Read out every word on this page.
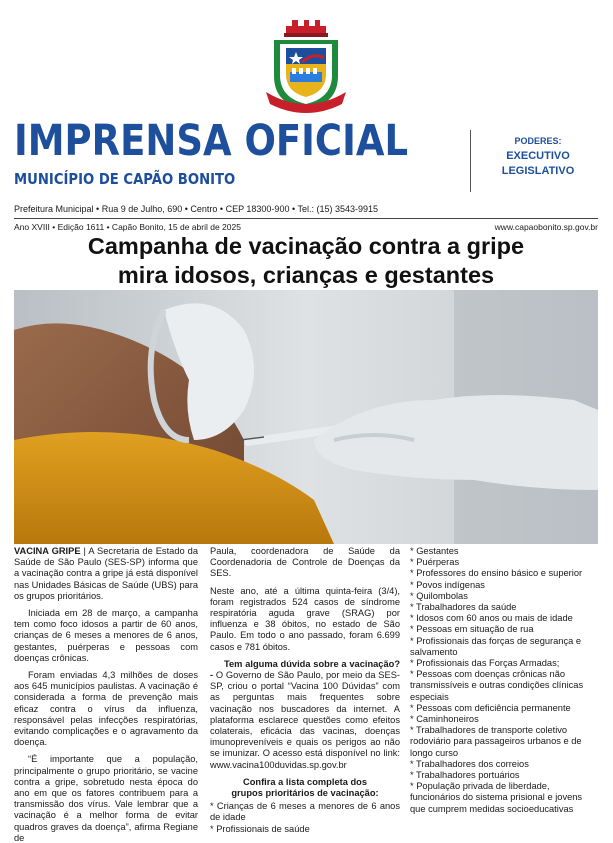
IMPRENSA OFICIAL
MUNICÍPIO DE CAPÃO BONITO
PODERES:
EXECUTIVO
LEGISLATIVO
Prefeitura Municipal • Rua 9 de Julho, 690 • Centro • CEP 18300-900 • Tel.: (15) 3543-9915
Ano XVIII • Edição 1611 • Capão Bonito, 15 de abril de 2025	www.capaobonito.sp.gov.br
Campanha de vacinação contra a gripe
mira idosos, crianças e gestantes

VACINA GRIPE | A Secretaria de Estado da Saúde de São Paulo (SES-SP) informa que a vacinação contra a gripe já está disponível nas Unidades Básicas de Saúde (UBS) para os grupos prioritários.

Iniciada em 28 de março, a campanha tem como foco idosos a partir de 60 anos, crianças de 6 meses a menores de 6 anos, gestantes, puérperas e pessoas com doenças crônicas.

Foram enviadas 4,3 milhões de doses aos 645 municípios paulistas. A vacinação é considerada a forma de prevenção mais eficaz contra o vírus da influenza, responsável pelas infecções respiratórias, evitando complicações e o agravamento da doença.

“É importante que a população, principalmente o grupo prioritário, se vacine contra a gripe, sobretudo nesta época do ano em que os fatores contribuem para a transmissão dos vírus. Vale lembrar que a vacinação é a melhor forma de evitar quadros graves da doença”, afirma Regiane de

Paula, coordenadora de Saúde da Coordenadoria de Controle de Doenças da SES.

Neste ano, até a última quinta-feira (3/4), foram registrados 524 casos de síndrome respiratória aguda grave (SRAG) por influenza e 38 óbitos, no estado de São Paulo. Em todo o ano passado, foram 6.699 casos e 781 óbitos.

Tem alguma dúvida sobre a vacinação? - O Governo de São Paulo, por meio da SES-SP, criou o portal “Vacina 100 Dúvidas” com as perguntas mais frequentes sobre vacinação nos buscadores da internet. A plataforma esclarece questões como efeitos colaterais, eficácia das vacinas, doenças imunopreveníveis e quais os perigos ao não se imunizar. O acesso está disponível no link: www.vacina100duvidas.sp.gov.br

Confira a lista completa dos
grupos prioritários de vacinação:
* Crianças de 6 meses a menores de 6 anos de idade
* Profissionais de saúde
* Gestantes
* Puérperas
* Professores do ensino básico e superior
* Povos indígenas
* Quilombolas
* Trabalhadores da saúde
* Idosos com 60 anos ou mais de idade
* Pessoas em situação de rua
* Profissionais das forças de segurança e salvamento
* Profissionais das Forças Armadas;
* Pessoas com doenças crônicas não transmissíveis e outras condições clínicas especiais
* Pessoas com deficiência permanente
* Caminhoneiros
* Trabalhadores de transporte coletivo rodoviário para passageiros urbanos e de longo curso
* Trabalhadores dos correios
* Trabalhadores portuários
* População privada de liberdade, funcionários do sistema prisional e jovens que cumprem medidas socioeducativas
